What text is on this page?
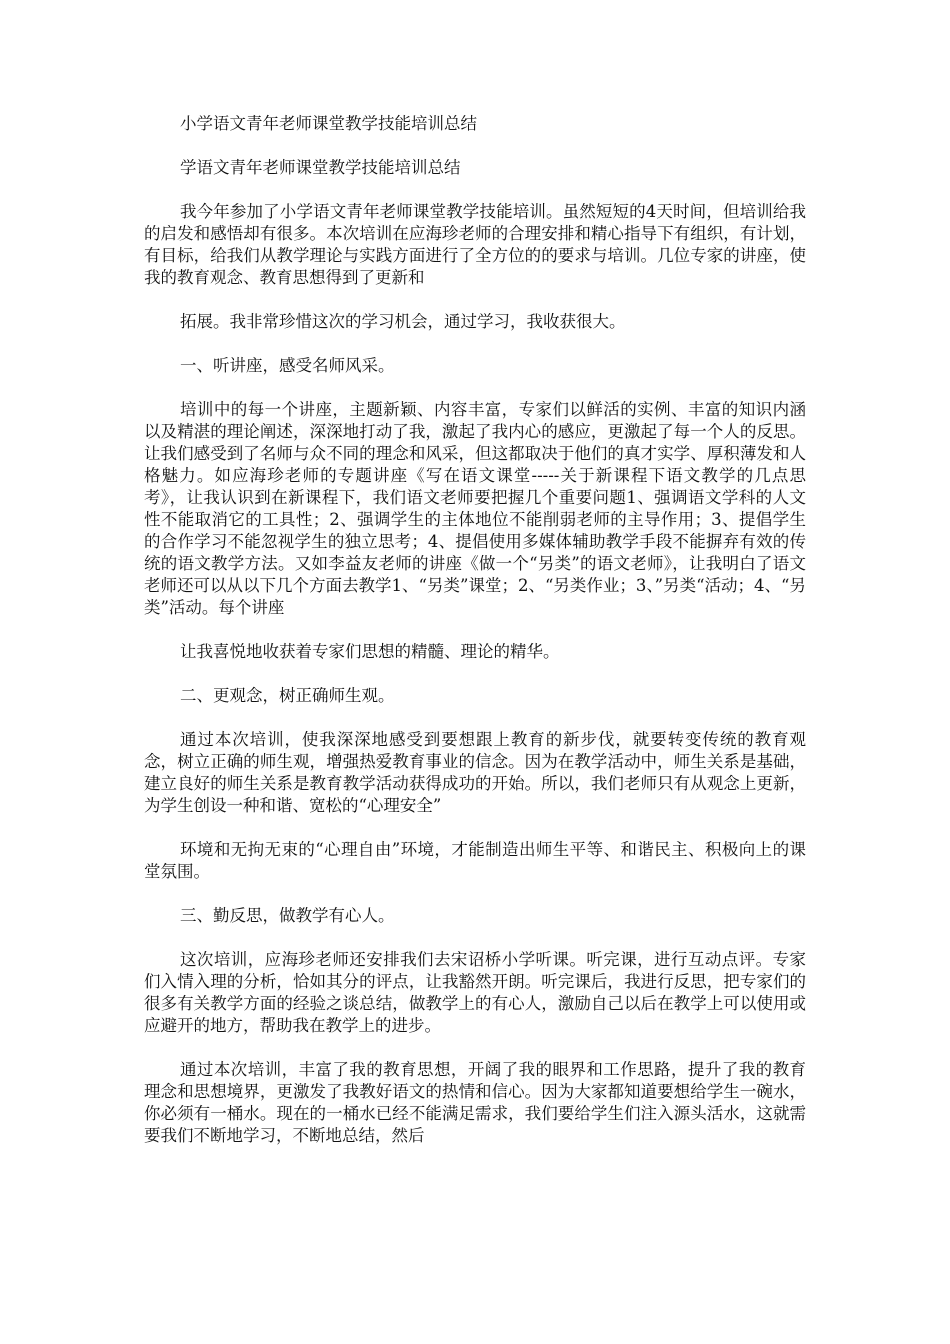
小学语文青年老师课堂教学技能培训总结

学语文青年老师课堂教学技能培训总结

我今年参加了小学语文青年老师课堂教学技能培训。虽然短短的4天时间，但培训给我的启发和感悟却有很多。本次培训在应海珍老师的合理安排和精心指导下有组织，有计划，有目标，给我们从教学理论与实践方面进行了全方位的的要求与培训。几位专家的讲座，使我的教育观念、教育思想得到了更新和

拓展。我非常珍惜这次的学习机会，通过学习，我收获很大。

一、听讲座，感受名师风采。

培训中的每一个讲座，主题新颖、内容丰富，专家们以鲜活的实例、丰富的知识内涵以及精湛的理论阐述，深深地打动了我，激起了我内心的感应，更激起了每一个人的反思。让我们感受到了名师与众不同的理念和风采，但这都取决于他们的真才实学、厚积薄发和人格魅力。如应海珍老师的专题讲座《写在语文课堂-----关于新课程下语文教学的几点思考》，让我认识到在新课程下，我们语文老师要把握几个重要问题1、强调语文学科的人文性不能取消它的工具性；2、强调学生的主体地位不能削弱老师的主导作用；3、提倡学生的合作学习不能忽视学生的独立思考；4、提倡使用多媒体辅助教学手段不能摒弃有效的传统的语文教学方法。又如李益友老师的讲座《做一个“另类”的语文老师》，让我明白了语文老师还可以从以下几个方面去教学1、“另类”课堂；2、“另类作业；3、”另类“活动；4、“另类”活动。每个讲座

让我喜悦地收获着专家们思想的精髓、理论的精华。

二、更观念，树正确师生观。

通过本次培训，使我深深地感受到要想跟上教育的新步伐，就要转变传统的教育观念，树立正确的师生观，增强热爱教育事业的信念。因为在教学活动中，师生关系是基础，建立良好的师生关系是教育教学活动获得成功的开始。所以，我们老师只有从观念上更新，为学生创设一种和谐、宽松的“心理安全”

环境和无拘无束的“心理自由”环境，才能制造出师生平等、和谐民主、积极向上的课堂氛围。

三、勤反思，做教学有心人。

这次培训，应海珍老师还安排我们去宋诏桥小学听课。听完课，进行互动点评。专家们入情入理的分析，恰如其分的评点，让我豁然开朗。听完课后，我进行反思，把专家们的很多有关教学方面的经验之谈总结，做教学上的有心人，激励自己以后在教学上可以使用或应避开的地方，帮助我在教学上的进步。

通过本次培训，丰富了我的教育思想，开阔了我的眼界和工作思路，提升了我的教育理念和思想境界，更激发了我教好语文的热情和信心。因为大家都知道要想给学生一碗水，你必须有一桶水。现在的一桶水已经不能满足需求，我们要给学生们注入源头活水，这就需要我们不断地学习，不断地总结，然后
